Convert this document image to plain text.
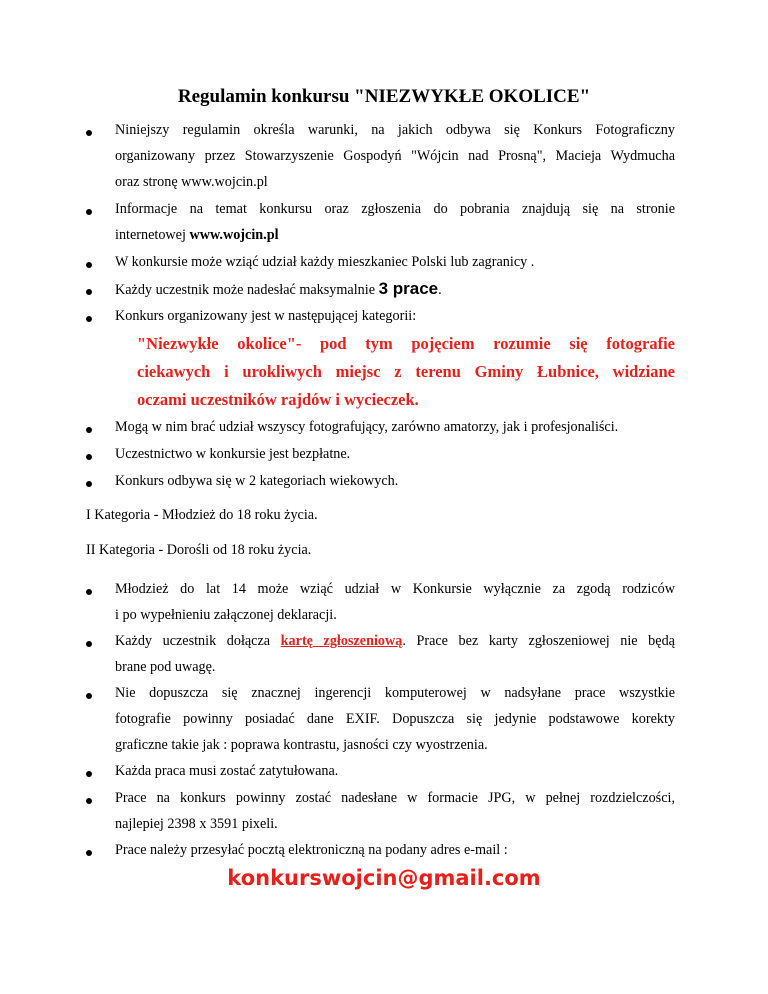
Regulamin konkursu "NIEZWYKŁE OKOLICE"
Niniejszy regulamin określa warunki, na jakich odbywa się Konkurs Fotograficzny
organizowany przez Stowarzyszenie Gospodyń "Wójcin nad Prosną", Macieja Wydmucha
oraz stronę www.wojcin.pl
Informacje na temat konkursu oraz zgłoszenia do pobrania znajdują się na stronie
internetowej www.wojcin.pl
W konkursie może wziąć udział każdy mieszkaniec Polski lub zagranicy .
Każdy uczestnik może nadesłać maksymalnie 3 prace.
Konkurs organizowany jest w następującej kategorii:
"Niezwykłe okolice"- pod tym pojęciem rozumie się fotografie
ciekawych i urokliwych miejsc z terenu Gminy Łubnice, widziane
oczami uczestników rajdów i wycieczek.
Mogą w nim brać udział wszyscy fotografujący, zarówno amatorzy, jak i profesjonaliści.
Uczestnictwo w konkursie jest bezpłatne.
Konkurs odbywa się w 2 kategoriach wiekowych.
I Kategoria - Młodzież do 18 roku życia.
II Kategoria - Dorośli od 18 roku życia.
Młodzież do lat 14 może wziąć udział w Konkursie wyłącznie za zgodą rodziców
i po wypełnieniu załączonej deklaracji.
Każdy uczestnik dołącza kartę zgłoszeniową. Prace bez karty zgłoszeniowej nie będą
brane pod uwagę.
Nie dopuszcza się znacznej ingerencji komputerowej w nadsyłane prace wszystkie
fotografie powinny posiadać dane EXIF. Dopuszcza się jedynie podstawowe korekty
graficzne takie jak : poprawa kontrastu, jasności czy wyostrzenia.
Każda praca musi zostać zatytułowana.
Prace na konkurs powinny zostać nadesłane w formacie JPG, w pełnej rozdzielczości,
najlepiej 2398 x 3591 pixeli.
Prace należy przesyłać pocztą elektroniczną na podany adres e-mail :
konkurswojcin@gmail.com
